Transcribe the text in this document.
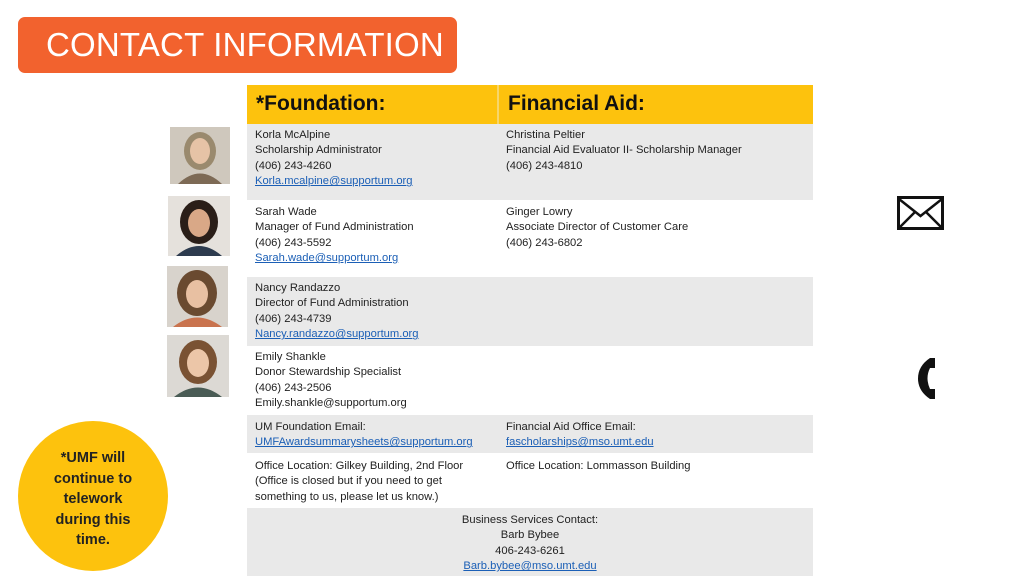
CONTACT INFORMATION
*Foundation:	Financial Aid:
Korla McAlpine
Scholarship Administrator
(406) 243-4260
Korla.mcalpine@supportum.org
Sarah Wade
Manager of Fund Administration
(406) 243-5592
Sarah.wade@supportum.org
Nancy Randazzo
Director of Fund Administration
(406) 243-4739
Nancy.randazzo@supportum.org
Emily Shankle
Donor Stewardship Specialist
(406) 243-2506
Emily.shankle@supportum.org
Christina Peltier
Financial Aid Evaluator II- Scholarship Manager
(406) 243-4810
Ginger Lowry
Associate Director of Customer Care
(406) 243-6802
UM Foundation Email:
UMFAwardsummarysheets@supportum.org
Financial Aid Office Email:
fascholarships@mso.umt.edu
Office Location: Gilkey Building, 2nd Floor
(Office is closed but if you need to get
something to us, please let us know.)
Office Location: Lommasson Building
Business Services Contact:
Barb Bybee
406-243-6261
Barb.bybee@mso.umt.edu
*UMF will
continue to
telework
during this
time.
